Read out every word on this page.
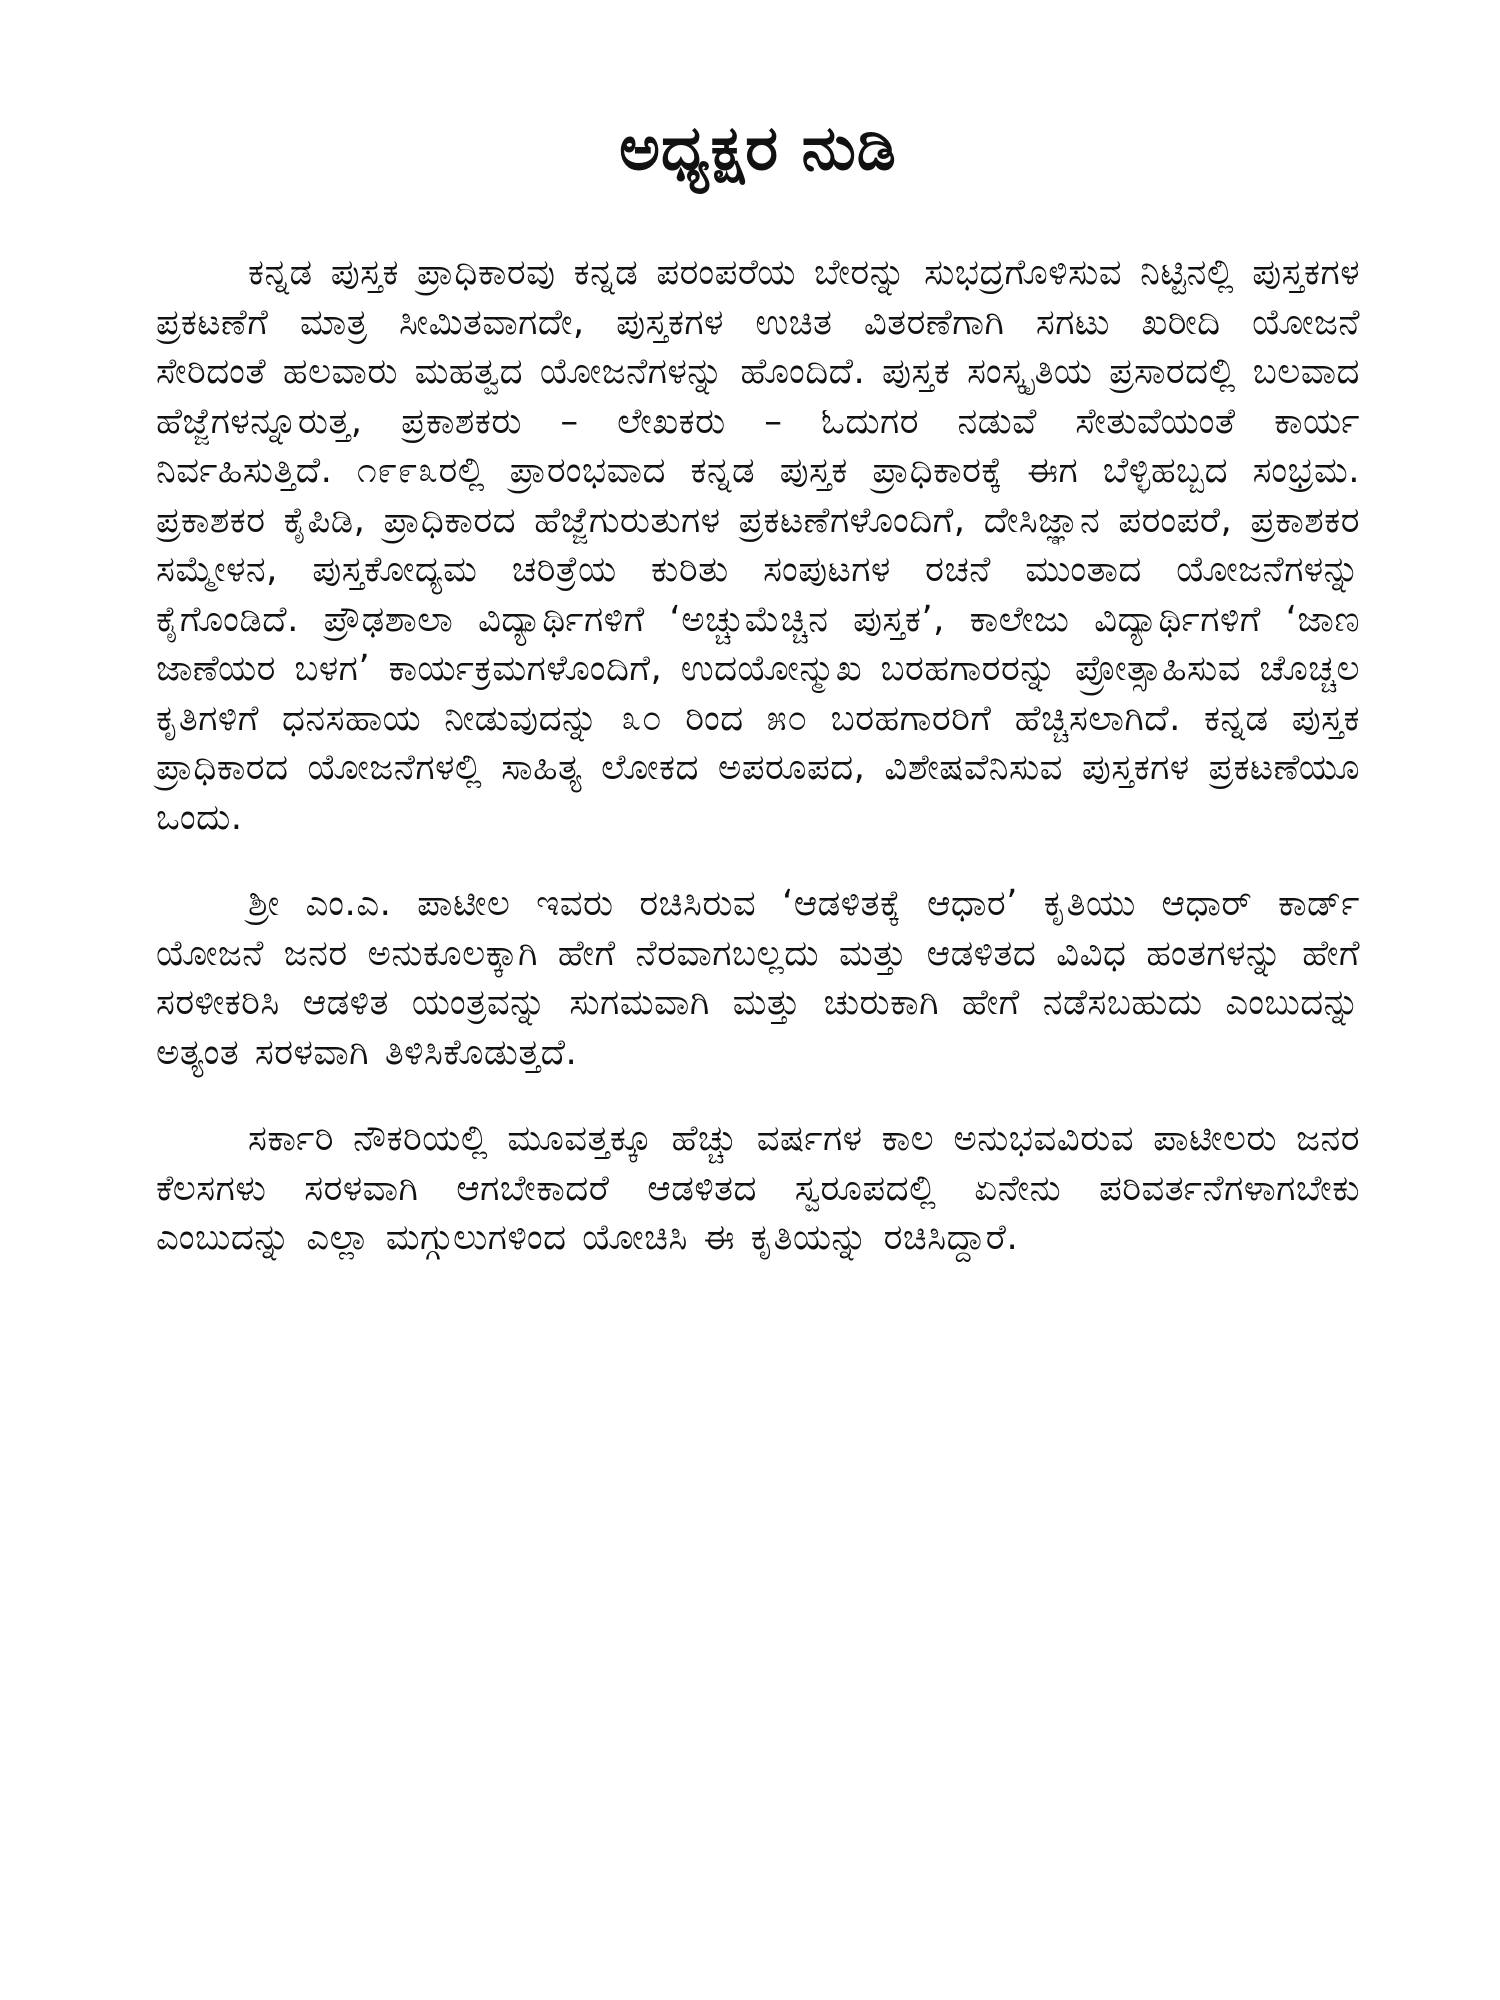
ಅಧ್ಯಕ್ಷರ ನುಡಿ

ಕನ್ನಡ ಪುಸ್ತಕ ಪ್ರಾಧಿಕಾರವು ಕನ್ನಡ ಪರಂಪರೆಯ ಬೇರನ್ನು ಸುಭದ್ರಗೊಳಿಸುವ ನಿಟ್ಟಿನಲ್ಲಿ ಪುಸ್ತಕಗಳ ಪ್ರಕಟಣೆಗೆ ಮಾತ್ರ ಸೀಮಿತವಾಗದೇ, ಪುಸ್ತಕಗಳ ಉಚಿತ ವಿತರಣೆಗಾಗಿ ಸಗಟು ಖರೀದಿ ಯೋಜನೆ ಸೇರಿದಂತೆ ಹಲವಾರು ಮಹತ್ವದ ಯೋಜನೆಗಳನ್ನು ಹೊಂದಿದೆ. ಪುಸ್ತಕ ಸಂಸ್ಕೃತಿಯ ಪ್ರಸಾರದಲ್ಲಿ ಬಲವಾದ ಹೆಜ್ಜೆಗಳನ್ನೂರುತ್ತ, ಪ್ರಕಾಶಕರು – ಲೇಖಕರು – ಓದುಗರ ನಡುವೆ ಸೇತುವೆಯಂತೆ ಕಾರ್ಯ ನಿರ್ವಹಿಸುತ್ತಿದೆ. ೧೯೯೩ರಲ್ಲಿ ಪ್ರಾರಂಭವಾದ ಕನ್ನಡ ಪುಸ್ತಕ ಪ್ರಾಧಿಕಾರಕ್ಕೆ ಈಗ ಬೆಳ್ಳಿಹಬ್ಬದ ಸಂಭ್ರಮ. ಪ್ರಕಾಶಕರ ಕೈಪಿಡಿ, ಪ್ರಾಧಿಕಾರದ ಹೆಜ್ಜೆಗುರುತುಗಳ ಪ್ರಕಟಣೆಗಳೊಂದಿಗೆ, ದೇಸಿಜ್ಞಾನ ಪರಂಪರೆ, ಪ್ರಕಾಶಕರ ಸಮ್ಮೇಳನ, ಪುಸ್ತಕೋದ್ಯಮ ಚರಿತ್ರೆಯ ಕುರಿತು ಸಂಪುಟಗಳ ರಚನೆ ಮುಂತಾದ ಯೋಜನೆಗಳನ್ನು ಕೈಗೊಂಡಿದೆ. ಪ್ರೌಢಶಾಲಾ ವಿದ್ಯಾರ್ಥಿಗಳಿಗೆ ‘ಅಚ್ಚುಮೆಚ್ಚಿನ ಪುಸ್ತಕ’, ಕಾಲೇಜು ವಿದ್ಯಾರ್ಥಿಗಳಿಗೆ ‘ಜಾಣ ಜಾಣೆಯರ ಬಳಗ’ ಕಾರ್ಯಕ್ರಮಗಳೊಂದಿಗೆ, ಉದಯೋನ್ಮುಖ ಬರಹಗಾರರನ್ನು ಪ್ರೋತ್ಸಾಹಿಸುವ ಚೊಚ್ಚಲ ಕೃತಿಗಳಿಗೆ ಧನಸಹಾಯ ನೀಡುವುದನ್ನು ೩೦ ರಿಂದ ೫೦ ಬರಹಗಾರರಿಗೆ ಹೆಚ್ಚಿಸಲಾಗಿದೆ. ಕನ್ನಡ ಪುಸ್ತಕ ಪ್ರಾಧಿಕಾರದ ಯೋಜನೆಗಳಲ್ಲಿ ಸಾಹಿತ್ಯ ಲೋಕದ ಅಪರೂಪದ, ವಿಶೇಷವೆನಿಸುವ ಪುಸ್ತಕಗಳ ಪ್ರಕಟಣೆಯೂ ಒಂದು.

ಶ್ರೀ ಎಂ.ಎ. ಪಾಟೀಲ ಇವರು ರಚಿಸಿರುವ ‘ಆಡಳಿತಕ್ಕೆ ಆಧಾರ’ ಕೃತಿಯು ಆಧಾರ್ ಕಾರ್ಡ್ ಯೋಜನೆ ಜನರ ಅನುಕೂಲಕ್ಕಾಗಿ ಹೇಗೆ ನೆರವಾಗಬಲ್ಲದು ಮತ್ತು ಆಡಳಿತದ ವಿವಿಧ ಹಂತಗಳನ್ನು ಹೇಗೆ ಸರಳೀಕರಿಸಿ ಆಡಳಿತ ಯಂತ್ರವನ್ನು ಸುಗಮವಾಗಿ ಮತ್ತು ಚುರುಕಾಗಿ ಹೇಗೆ ನಡೆಸಬಹುದು ಎಂಬುದನ್ನು ಅತ್ಯಂತ ಸರಳವಾಗಿ ತಿಳಿಸಿಕೊಡುತ್ತದೆ.

ಸರ್ಕಾರಿ ನೌಕರಿಯಲ್ಲಿ ಮೂವತ್ತಕ್ಕೂ ಹೆಚ್ಚು ವರ್ಷಗಳ ಕಾಲ ಅನುಭವವಿರುವ ಪಾಟೀಲರು ಜನರ ಕೆಲಸಗಳು ಸರಳವಾಗಿ ಆಗಬೇಕಾದರೆ ಆಡಳಿತದ ಸ್ವರೂಪದಲ್ಲಿ ಏನೇನು ಪರಿವರ್ತನೆಗಳಾಗಬೇಕು ಎಂಬುದನ್ನು ಎಲ್ಲಾ ಮಗ್ಗುಲುಗಳಿಂದ ಯೋಚಿಸಿ ಈ ಕೃತಿಯನ್ನು ರಚಿಸಿದ್ದಾರೆ.
